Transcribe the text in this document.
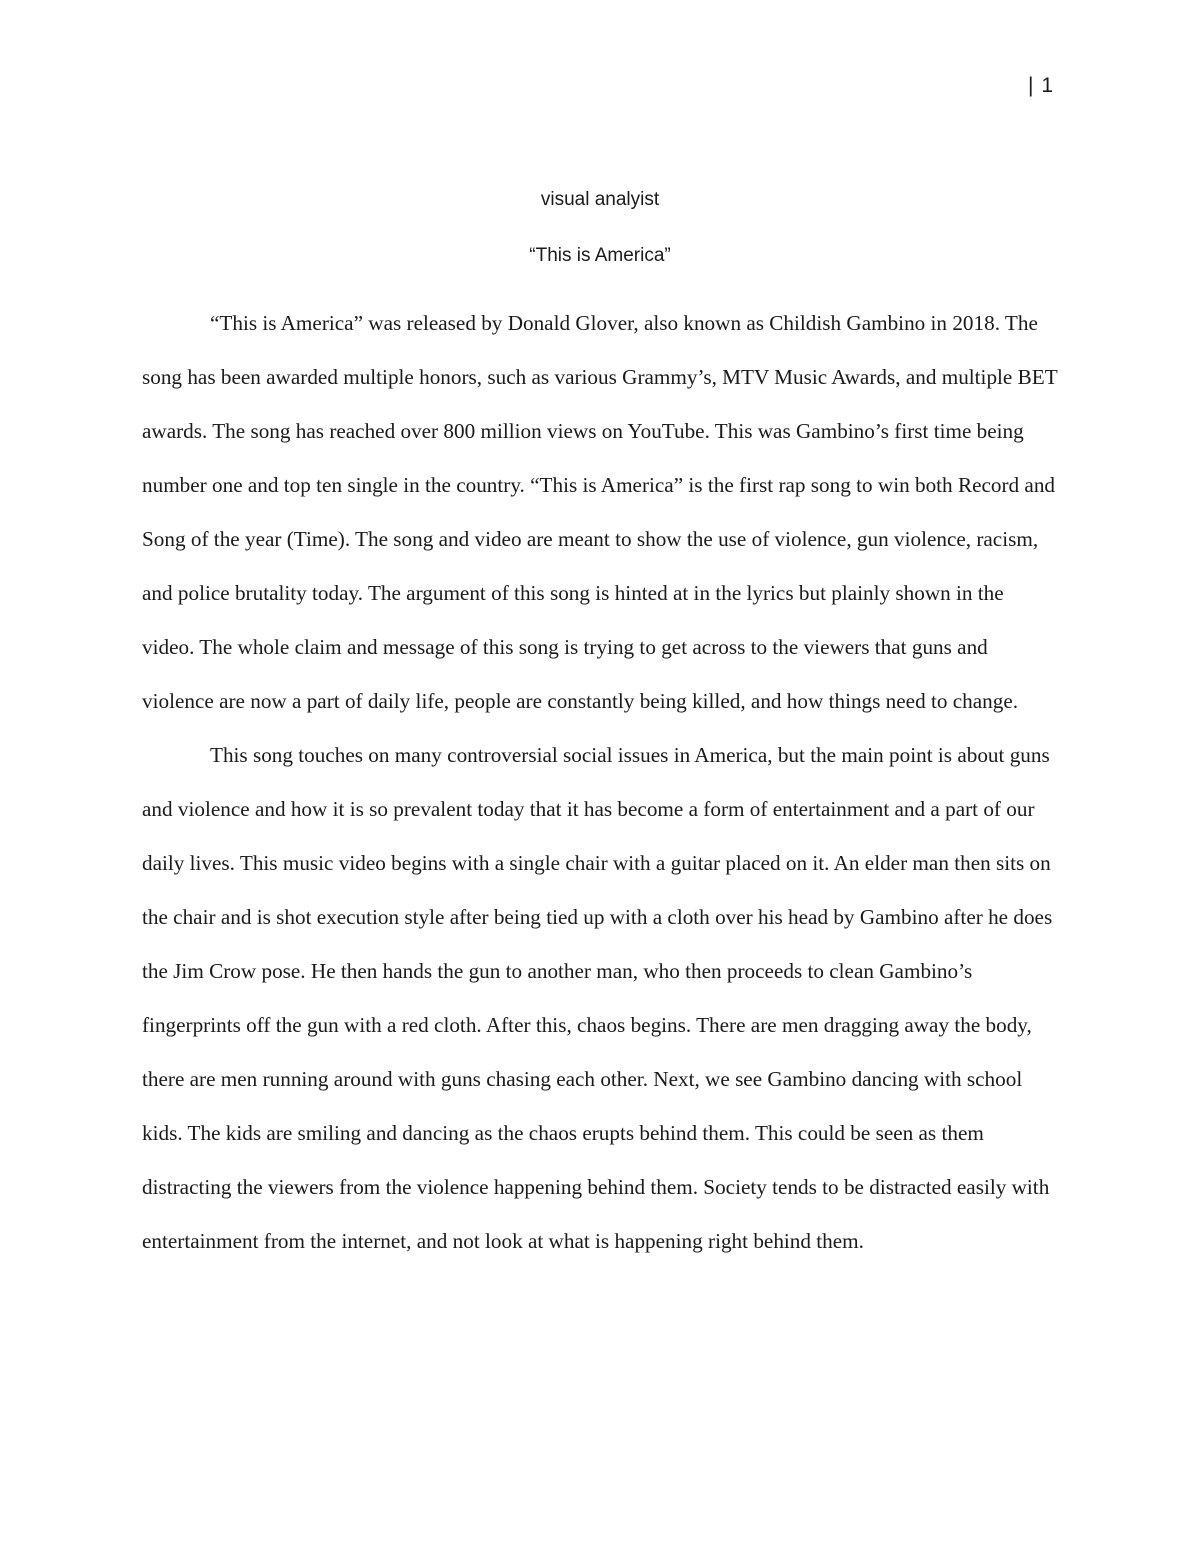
| 1
visual analyist
“This is America”

“This is America” was released by Donald Glover, also known as Childish Gambino in 2018. The song has been awarded multiple honors, such as various Grammy’s, MTV Music Awards, and multiple BET awards. The song has reached over 800 million views on YouTube. This was Gambino’s first time being number one and top ten single in the country. “This is America” is the first rap song to win both Record and Song of the year (Time). The song and video are meant to show the use of violence, gun violence, racism, and police brutality today. The argument of this song is hinted at in the lyrics but plainly shown in the video. The whole claim and message of this song is trying to get across to the viewers that guns and violence are now a part of daily life, people are constantly being killed, and how things need to change.

This song touches on many controversial social issues in America, but the main point is about guns and violence and how it is so prevalent today that it has become a form of entertainment and a part of our daily lives. This music video begins with a single chair with a guitar placed on it. An elder man then sits on the chair and is shot execution style after being tied up with a cloth over his head by Gambino after he does the Jim Crow pose. He then hands the gun to another man, who then proceeds to clean Gambino’s fingerprints off the gun with a red cloth. After this, chaos begins. There are men dragging away the body, there are men running around with guns chasing each other. Next, we see Gambino dancing with school kids. The kids are smiling and dancing as the chaos erupts behind them. This could be seen as them distracting the viewers from the violence happening behind them. Society tends to be distracted easily with entertainment from the internet, and not look at what is happening right behind them.
